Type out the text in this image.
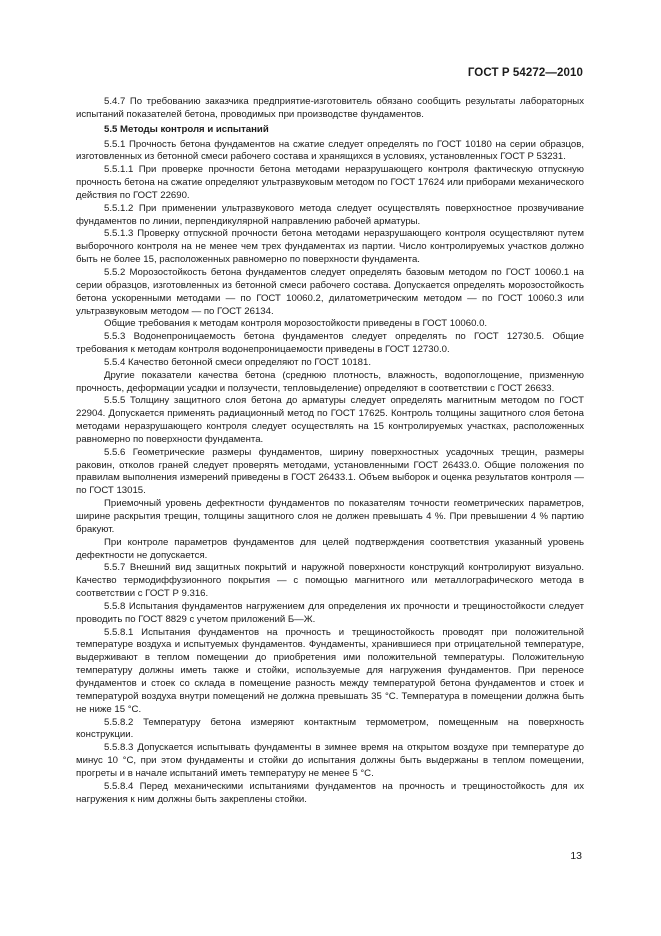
ГОСТ Р 54272—2010

5.4.7 По требованию заказчика предприятие-изготовитель обязано сообщить результаты лабораторных испытаний показателей бетона, проводимых при производстве фундаментов.

5.5 Методы контроля и испытаний

5.5.1 Прочность бетона фундаментов на сжатие следует определять по ГОСТ 10180 на серии образцов, изготовленных из бетонной смеси рабочего состава и хранящихся в условиях, установленных ГОСТ Р 53231.

5.5.1.1 При проверке прочности бетона методами неразрушающего контроля фактическую отпускную прочность бетона на сжатие определяют ультразвуковым методом по ГОСТ 17624 или приборами механического действия по ГОСТ 22690.

5.5.1.2 При применении ультразвукового метода следует осуществлять поверхностное прозвучивание фундаментов по линии, перпендикулярной направлению рабочей арматуры.

5.5.1.3 Проверку отпускной прочности бетона методами неразрушающего контроля осуществляют путем выборочного контроля на не менее чем трех фундаментах из партии. Число контролируемых участков должно быть не более 15, расположенных равномерно по поверхности фундамента.

5.5.2 Морозостойкость бетона фундаментов следует определять базовым методом по ГОСТ 10060.1 на серии образцов, изготовленных из бетонной смеси рабочего состава. Допускается определять морозостойкость бетона ускоренными методами — по ГОСТ 10060.2, дилатометрическим методом — по ГОСТ 10060.3 или ультразвуковым методом — по ГОСТ 26134.

Общие требования к методам контроля морозостойкости приведены в ГОСТ 10060.0.

5.5.3 Водонепроницаемость бетона фундаментов следует определять по ГОСТ 12730.5. Общие требования к методам контроля водонепроницаемости приведены в ГОСТ 12730.0.

5.5.4 Качество бетонной смеси определяют по ГОСТ 10181.

Другие показатели качества бетона (среднюю плотность, влажность, водопоглощение, призменную прочность, деформации усадки и ползучести, тепловыделение) определяют в соответствии с ГОСТ 26633.

5.5.5 Толщину защитного слоя бетона до арматуры следует определять магнитным методом по ГОСТ 22904. Допускается применять радиационный метод по ГОСТ 17625. Контроль толщины защитного слоя бетона методами неразрушающего контроля следует осуществлять на 15 контролируемых участках, расположенных равномерно по поверхности фундамента.

5.5.6 Геометрические размеры фундаментов, ширину поверхностных усадочных трещин, размеры раковин, отколов граней следует проверять методами, установленными ГОСТ 26433.0. Общие положения по правилам выполнения измерений приведены в ГОСТ 26433.1. Объем выборок и оценка результатов контроля — по ГОСТ 13015.

Приемочный уровень дефектности фундаментов по показателям точности геометрических параметров, ширине раскрытия трещин, толщины защитного слоя не должен превышать 4 %. При превышении 4 % партию бракуют.

При контроле параметров фундаментов для целей подтверждения соответствия указанный уровень дефектности не допускается.

5.5.7 Внешний вид защитных покрытий и наружной поверхности конструкций контролируют визуально. Качество термодиффузионного покрытия — с помощью магнитного или металлографического метода в соответствии с ГОСТ Р 9.316.

5.5.8 Испытания фундаментов нагружением для определения их прочности и трещиностойкости следует проводить по ГОСТ 8829 с учетом приложений Б—Ж.

5.5.8.1 Испытания фундаментов на прочность и трещиностойкость проводят при положительной температуре воздуха и испытуемых фундаментов. Фундаменты, хранившиеся при отрицательной температуре, выдерживают в теплом помещении до приобретения ими положительной температуры. Положительную температуру должны иметь также и стойки, используемые для нагружения фундаментов. При переносе фундаментов и стоек со склада в помещение разность между температурой бетона фундаментов и стоек и температурой воздуха внутри помещений не должна превышать 35 °С. Температура в помещении должна быть не ниже 15 °С.

5.5.8.2 Температуру бетона измеряют контактным термометром, помещенным на поверхность конструкции.

5.5.8.3 Допускается испытывать фундаменты в зимнее время на открытом воздухе при температуре до минус 10 °С, при этом фундаменты и стойки до испытания должны быть выдержаны в теплом помещении, прогреты и в начале испытаний иметь температуру не менее 5 °С.

5.5.8.4 Перед механическими испытаниями фундаментов на прочность и трещиностойкость для их нагружения к ним должны быть закреплены стойки.

13
